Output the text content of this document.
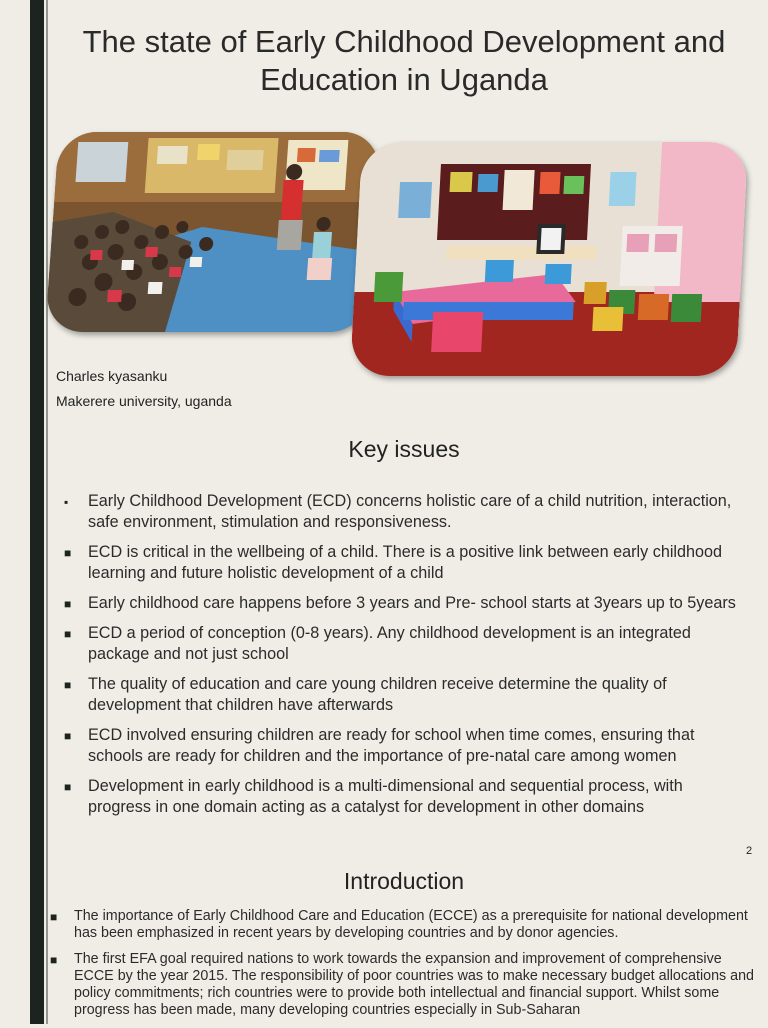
The state of Early Childhood Development and Education in Uganda
Charles kyasanku
Makerere university, uganda
Key issues
▪ Early Childhood Development (ECD) concerns holistic care of a child nutrition, interaction, safe environment, stimulation and responsiveness.
■ ECD is critical in the wellbeing of a child. There is a positive link between early childhood learning and future holistic development of a child
■ Early childhood care happens before 3 years and Pre- school starts at 3years up to 5years
■ ECD a period of conception (0-8 years). Any childhood development is an integrated package and not just school
■ The quality of education and care young children receive determine the quality of development that children have afterwards
■ ECD involved ensuring children are ready for school when time comes, ensuring that schools are ready for children and the importance of pre-natal care among women
■ Development in early childhood is a multi-dimensional and sequential process, with progress in one domain acting as a catalyst for development in other domains
2
Introduction
■ The importance of Early Childhood Care and Education (ECCE) as a prerequisite for national development has been emphasized in recent years by developing countries and by donor agencies.
■ The first EFA goal required nations to work towards the expansion and improvement of comprehensive ECCE by the year 2015. The responsibility of poor countries was to make necessary budget allocations and policy commitments; rich countries were to provide both intellectual and financial support. Whilst some progress has been made, many developing countries especially in Sub-Saharan
